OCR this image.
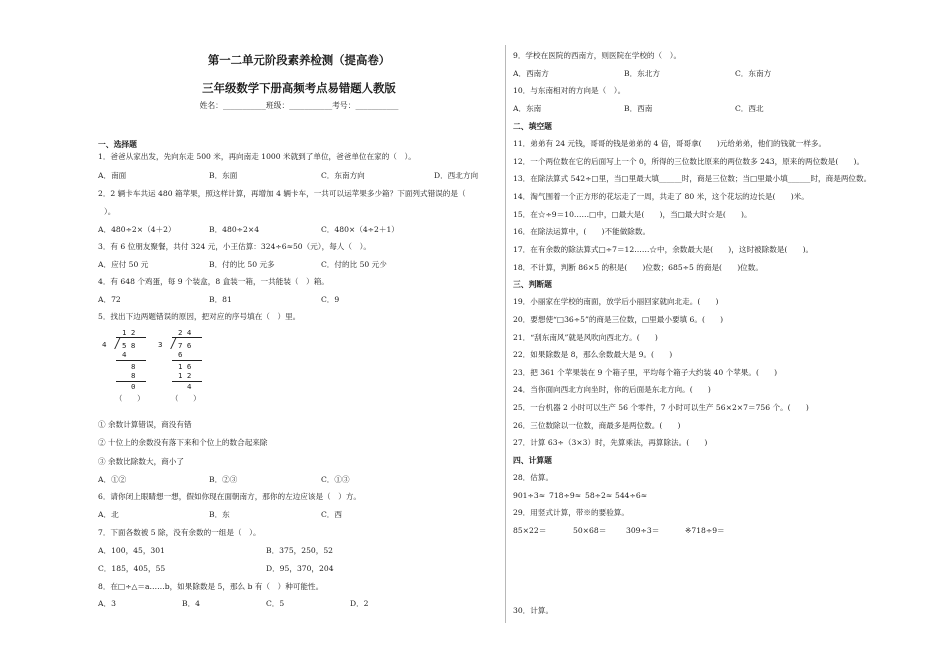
第一二单元阶段素养检测（提高卷）
三年级数学下册高频考点易错题人教版
姓名：___________班级：___________考号：___________
一、选择题
1．爸爸从家出发，先向东走 500 米，再向南走 1000 米就到了单位，爸爸单位在家的（　）。
A．南面	B．东面	C．东南方向	D．西北方向
2．2 辆卡车共运 480 箱苹果，照这样计算，再增加 4 辆卡车，一共可以运苹果多少箱？下面列式错误的是（
）。
A．480÷2×（4＋2）	B．480÷2×4	C．480×（4÷2＋1）
3．有 6 位朋友聚餐，共付 324 元，小王估算：324÷6≈50（元），每人（　）。
A．应付 50 元	B．付的比 50 元多	C．付的比 50 元少
4．有 648 个鸡蛋，每 9 个装盒，8 盒装一箱，一共能装（　）箱。
A．72	B．81	C．9
5．找出下边两题错误的原因，把对应的序号填在（　）里。
1 2
4 5 8
4
8
8
0
（　　）
2 4
3 7 6
6
1 6
1 2
4
（　　）
① 余数计算错误，商没有错
② 十位上的余数没有落下来和个位上的数合起来除
③ 余数比除数大，商小了
A．①②	B．②③	C．①③
6．请你闭上眼睛想一想，假如你现在面朝南方，那你的左边应该是（　）方。
A．北	B．东	C．西
7．下面各数被 5 除，没有余数的一组是（　）。
A．100，45，301	B．375，250，52
C．185，405，55	D．95，370，204
8．在□÷△＝a……b，如果除数是 5，那么 b 有（　）种可能性。
A．3	B．4	C．5	D．2
9．学校在医院的西南方，则医院在学校的（　）。
A．西南方	B．东北方	C．东南方
10．与东南相对的方向是（　）。
A．东南	B．西南	C．西北
二、填空题
11．弟弟有 24 元钱，哥哥的钱是弟弟的 4 倍，哥哥拿(　　)元给弟弟，他们的钱就一样多。
12．一个两位数在它的后面写上一个 0，所得的三位数比原来的两位数多 243，原来的两位数是(　　)。
13．在除法算式 542÷□里，当□里最大填______时，商是三位数；当□里最小填______时，商是两位数。
14．淘气围着一个正方形的花坛走了一周，共走了 80 米，这个花坛的边长是(　　)米。
15．在☆÷9＝10……□中，□最大是(　　)，当□最大时☆是(　　)。
16．在除法运算中，(　　)不能做除数。
17．在有余数的除法算式□÷7＝12……☆中，余数最大是(　　)，这时被除数是(　　)。
18．不计算，判断 86×5 的积是(　　)位数；685÷5 的商是(　　)位数。
三、判断题
19．小丽家在学校的南面，放学后小丽回家就向北走。(　　)
20．要想使“□36÷5”的商是三位数，□里最小要填 6。(　　)
21．“刮东南风”就是风吹向西北方。(　　)
22．如果除数是 8，那么余数最大是 9。(　　)
23．把 361 个苹果装在 9 个箱子里，平均每个箱子大约装 40 个苹果。(　　)
24．当你面向西北方向坐时，你的后面是东北方向。(　　)
25．一台机器 2 小时可以生产 56 个零件，7 小时可以生产 56×2×7＝756 个。(　　)
26．三位数除以一位数，商最多是两位数。(　　)
27．计算 63÷（3×3）时，先算乘法，再算除法。(　　)
四、计算题
28．估算。
901÷3≈ 718÷9≈ 58÷2≈ 544÷6≈
29．用竖式计算，带※的要验算。
85×22＝	50×68＝	309÷3＝	※718÷9＝
30．计算。
